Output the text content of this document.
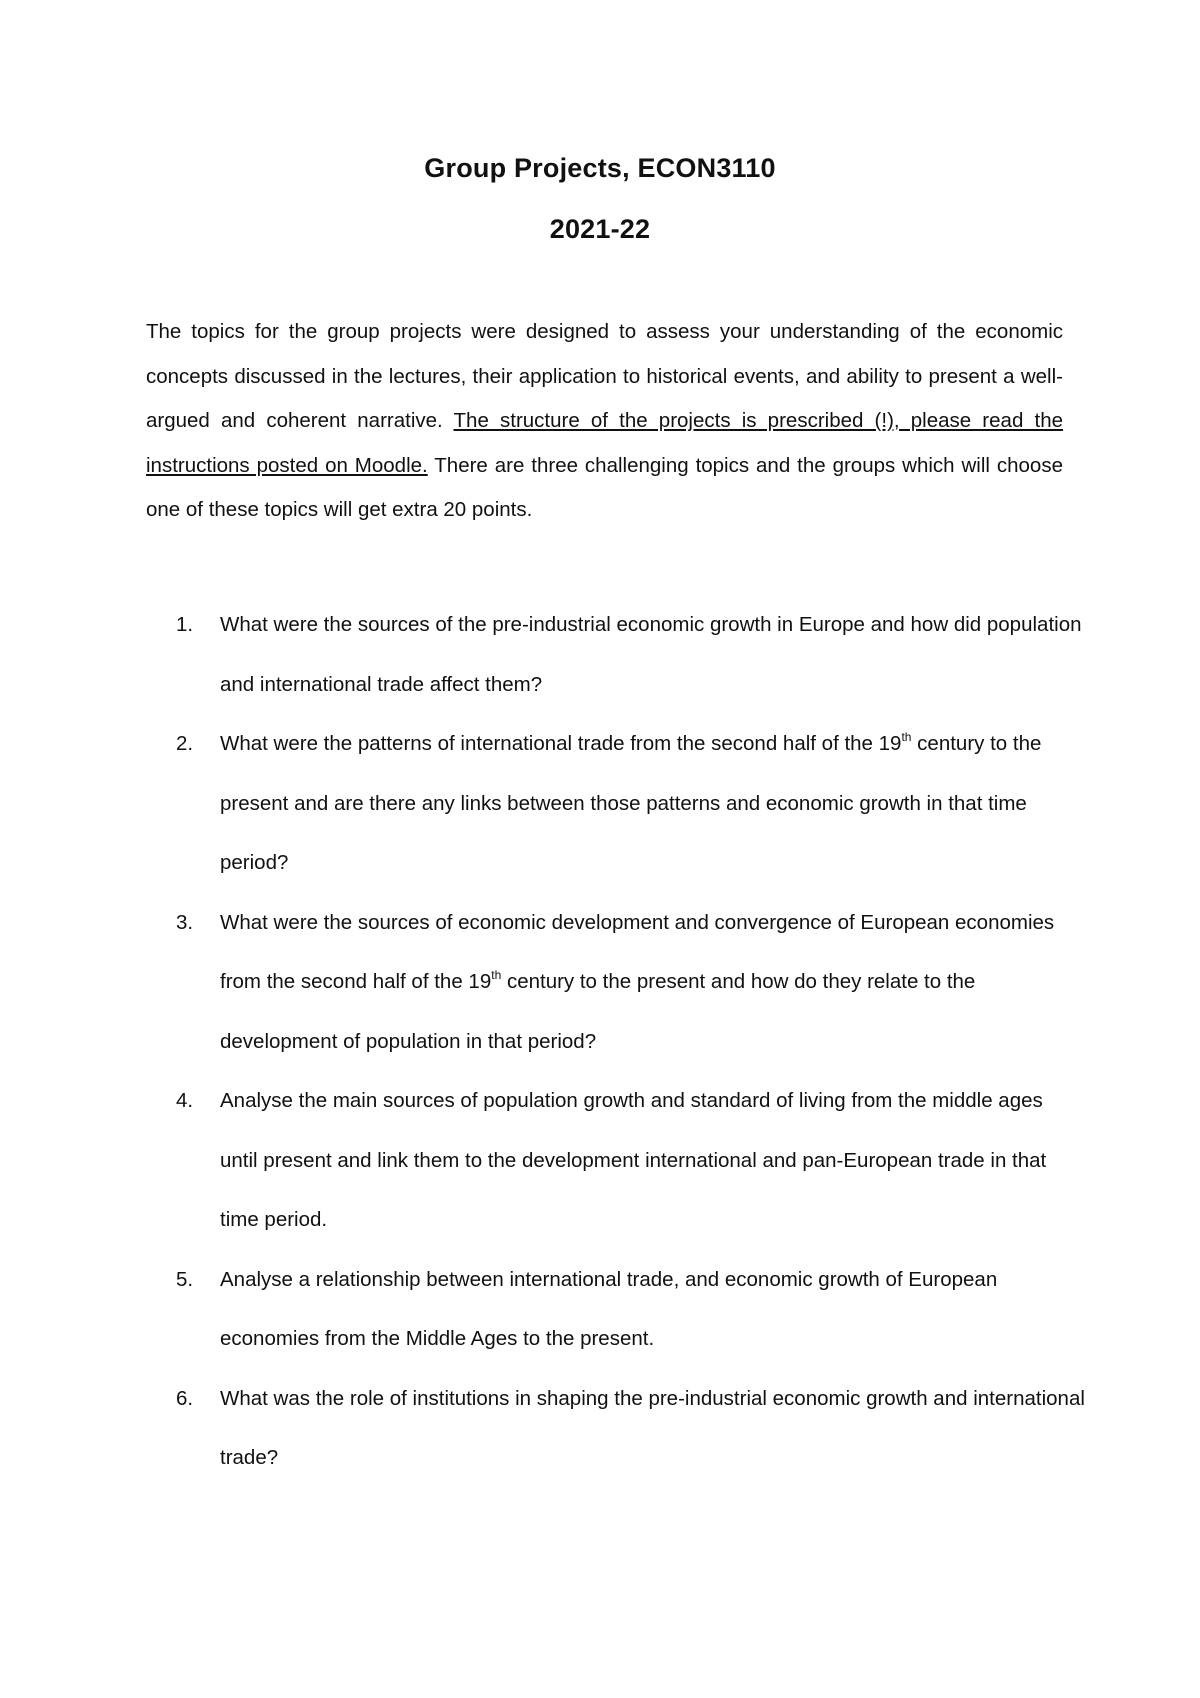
Group Projects, ECON3110
2021-22

The topics for the group projects were designed to assess your understanding of the economic concepts discussed in the lectures, their application to historical events, and ability to present a well-argued and coherent narrative. The structure of the projects is prescribed (!), please read the instructions posted on Moodle. There are three challenging topics and the groups which will choose one of these topics will get extra 20 points.

1. What were the sources of the pre-industrial economic growth in Europe and how did population and international trade affect them?
2. What were the patterns of international trade from the second half of the 19th century to the present and are there any links between those patterns and economic growth in that time period?
3. What were the sources of economic development and convergence of European economies from the second half of the 19th century to the present and how do they relate to the development of population in that period?
4. Analyse the main sources of population growth and standard of living from the middle ages until present and link them to the development international and pan-European trade in that time period.
5. Analyse a relationship between international trade, and economic growth of European economies from the Middle Ages to the present.
6. What was the role of institutions in shaping the pre-industrial economic growth and international trade?
